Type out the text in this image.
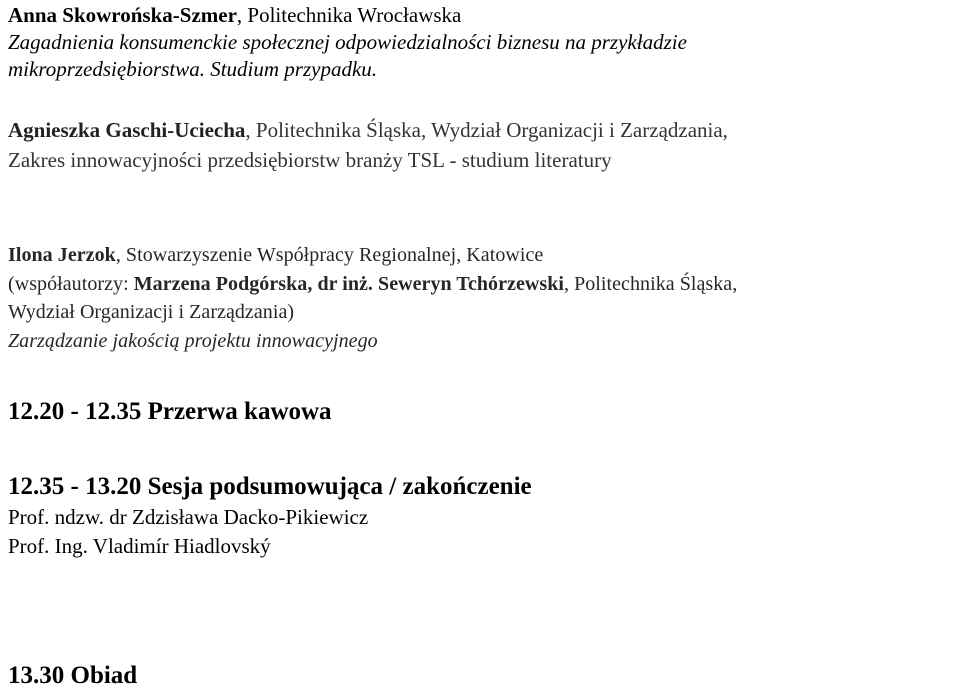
Anna Skowrońska-Szmer, Politechnika Wrocławska
Zagadnienia konsumenckie społecznej odpowiedzialności biznesu na przykładzie
mikroprzedsiębiorstwa. Studium przypadku.
Agnieszka Gaschi-Uciecha, Politechnika Śląska, Wydział Organizacji i Zarządzania,
Zakres innowacyjności przedsiębiorstw branży TSL - studium literatury
Ilona Jerzok, Stowarzyszenie Współpracy Regionalnej, Katowice
(współautorzy: Marzena Podgórska, dr inż. Seweryn Tchórzewski, Politechnika Śląska,
Wydział Organizacji i Zarządzania)
Zarządzanie jakością projektu innowacyjnego
12.20 - 12.35 Przerwa kawowa
12.35 - 13.20 Sesja podsumowująca / zakończenie
Prof. ndzw. dr Zdzisława Dacko-Pikiewicz
Prof. Ing. Vladimír Hiadlovský
13.30 Obiad
